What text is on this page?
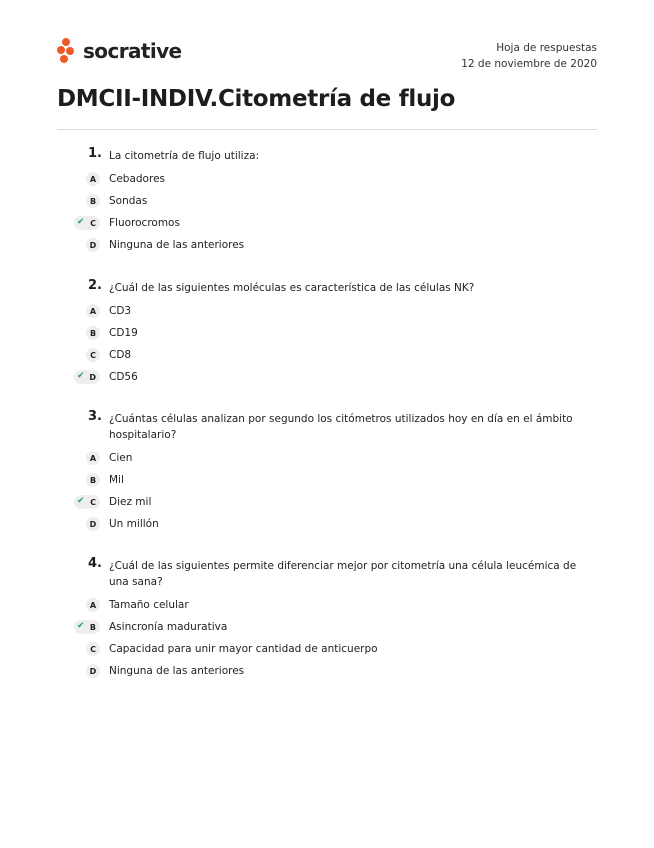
socrative	Hoja de respuestas
12 de noviembre de 2020
DMCII-INDIV.Citometría de flujo
1. La citometría de flujo utiliza:
A	Cebadores
B	Sondas
✔ C Fluorocromos
D	Ninguna de las anteriores
2. ¿Cuál de las siguientes moléculas es característica de las células NK?
A	CD3
B	CD19
C	CD8
✔ D CD56
3. ¿Cuántas células analizan por segundo los citómetros utilizados hoy en día en el ámbito hospitalario?
A	Cien
B	Mil
✔ C Diez mil
D	Un millón
4. ¿Cuál de las siguientes permite diferenciar mejor por citometría una célula leucémica de una sana?
A	Tamaño celular
✔ B Asincronía madurativa
C	Capacidad para unir mayor cantidad de anticuerpo
D	Ninguna de las anteriores
